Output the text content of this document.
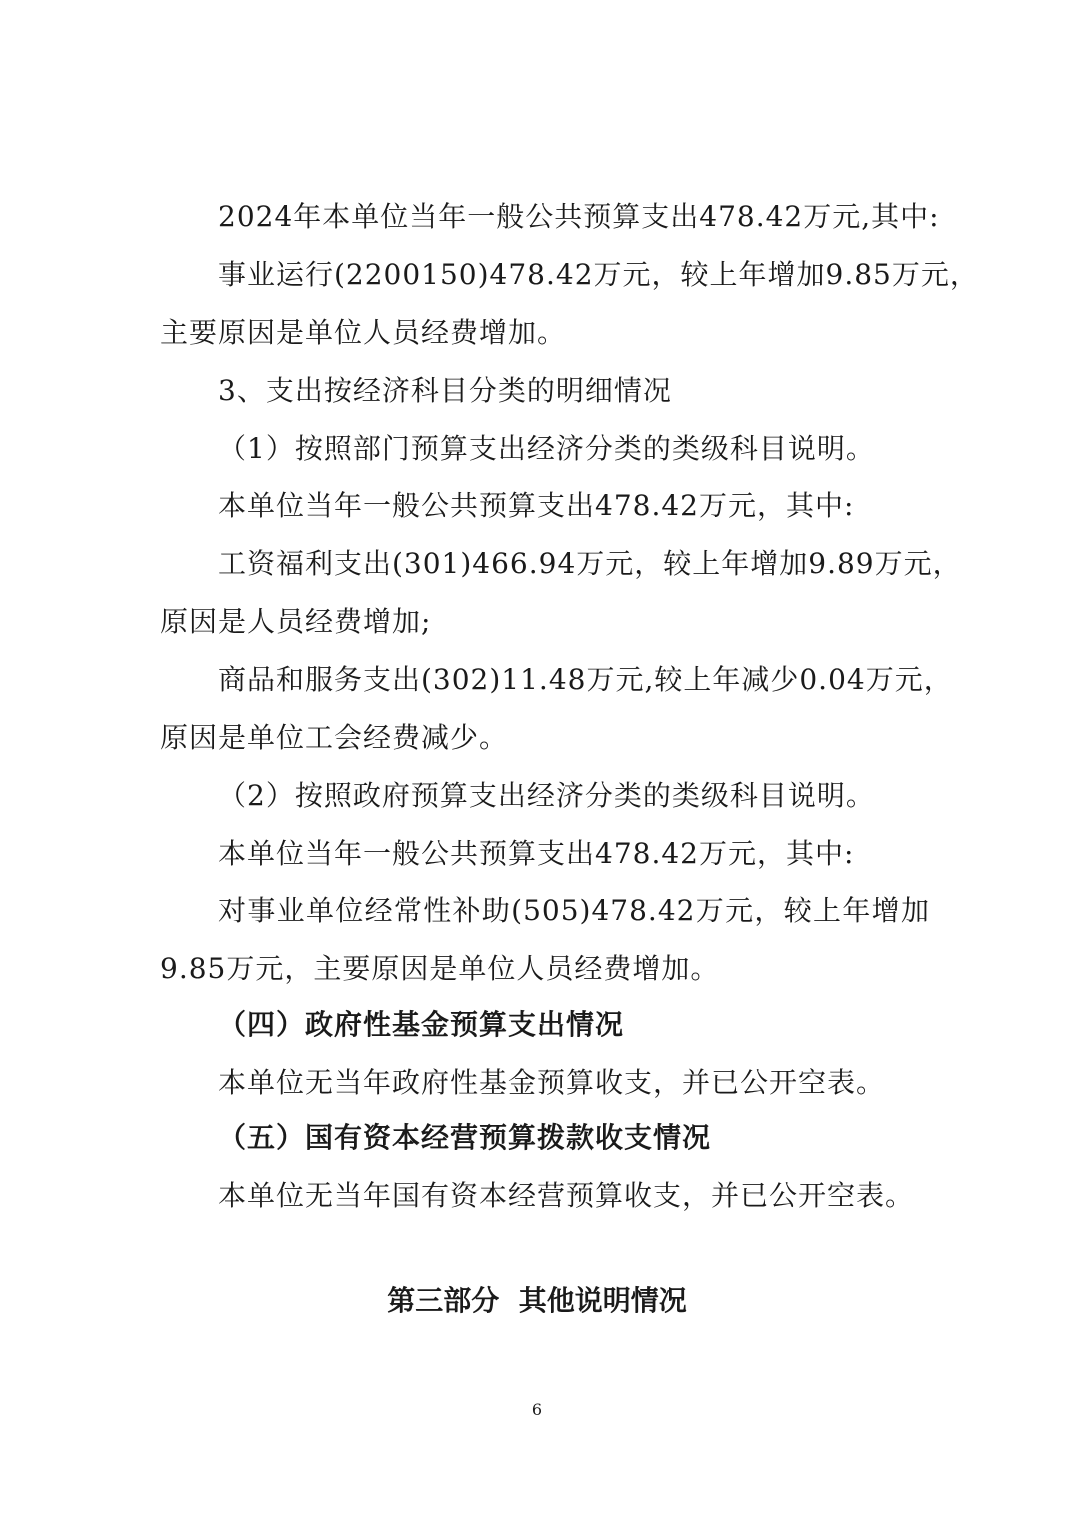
2024年本单位当年一般公共预算支出478.42万元,其中:
事业运行(2200150)478.42万元，较上年增加9.85万元，
主要原因是单位人员经费增加。
3、支出按经济科目分类的明细情况
（1）按照部门预算支出经济分类的类级科目说明。
本单位当年一般公共预算支出478.42万元，其中:
工资福利支出(301)466.94万元，较上年增加9.89万元，
原因是人员经费增加;
商品和服务支出(302)11.48万元,较上年减少0.04万元，
原因是单位工会经费减少。
（2）按照政府预算支出经济分类的类级科目说明。
本单位当年一般公共预算支出478.42万元，其中:
对事业单位经常性补助(505)478.42万元，较上年增加
9.85万元，主要原因是单位人员经费增加。
（四）政府性基金预算支出情况
本单位无当年政府性基金预算收支，并已公开空表。
（五）国有资本经营预算拨款收支情况
本单位无当年国有资本经营预算收支，并已公开空表。
第三部分  其他说明情况
6
